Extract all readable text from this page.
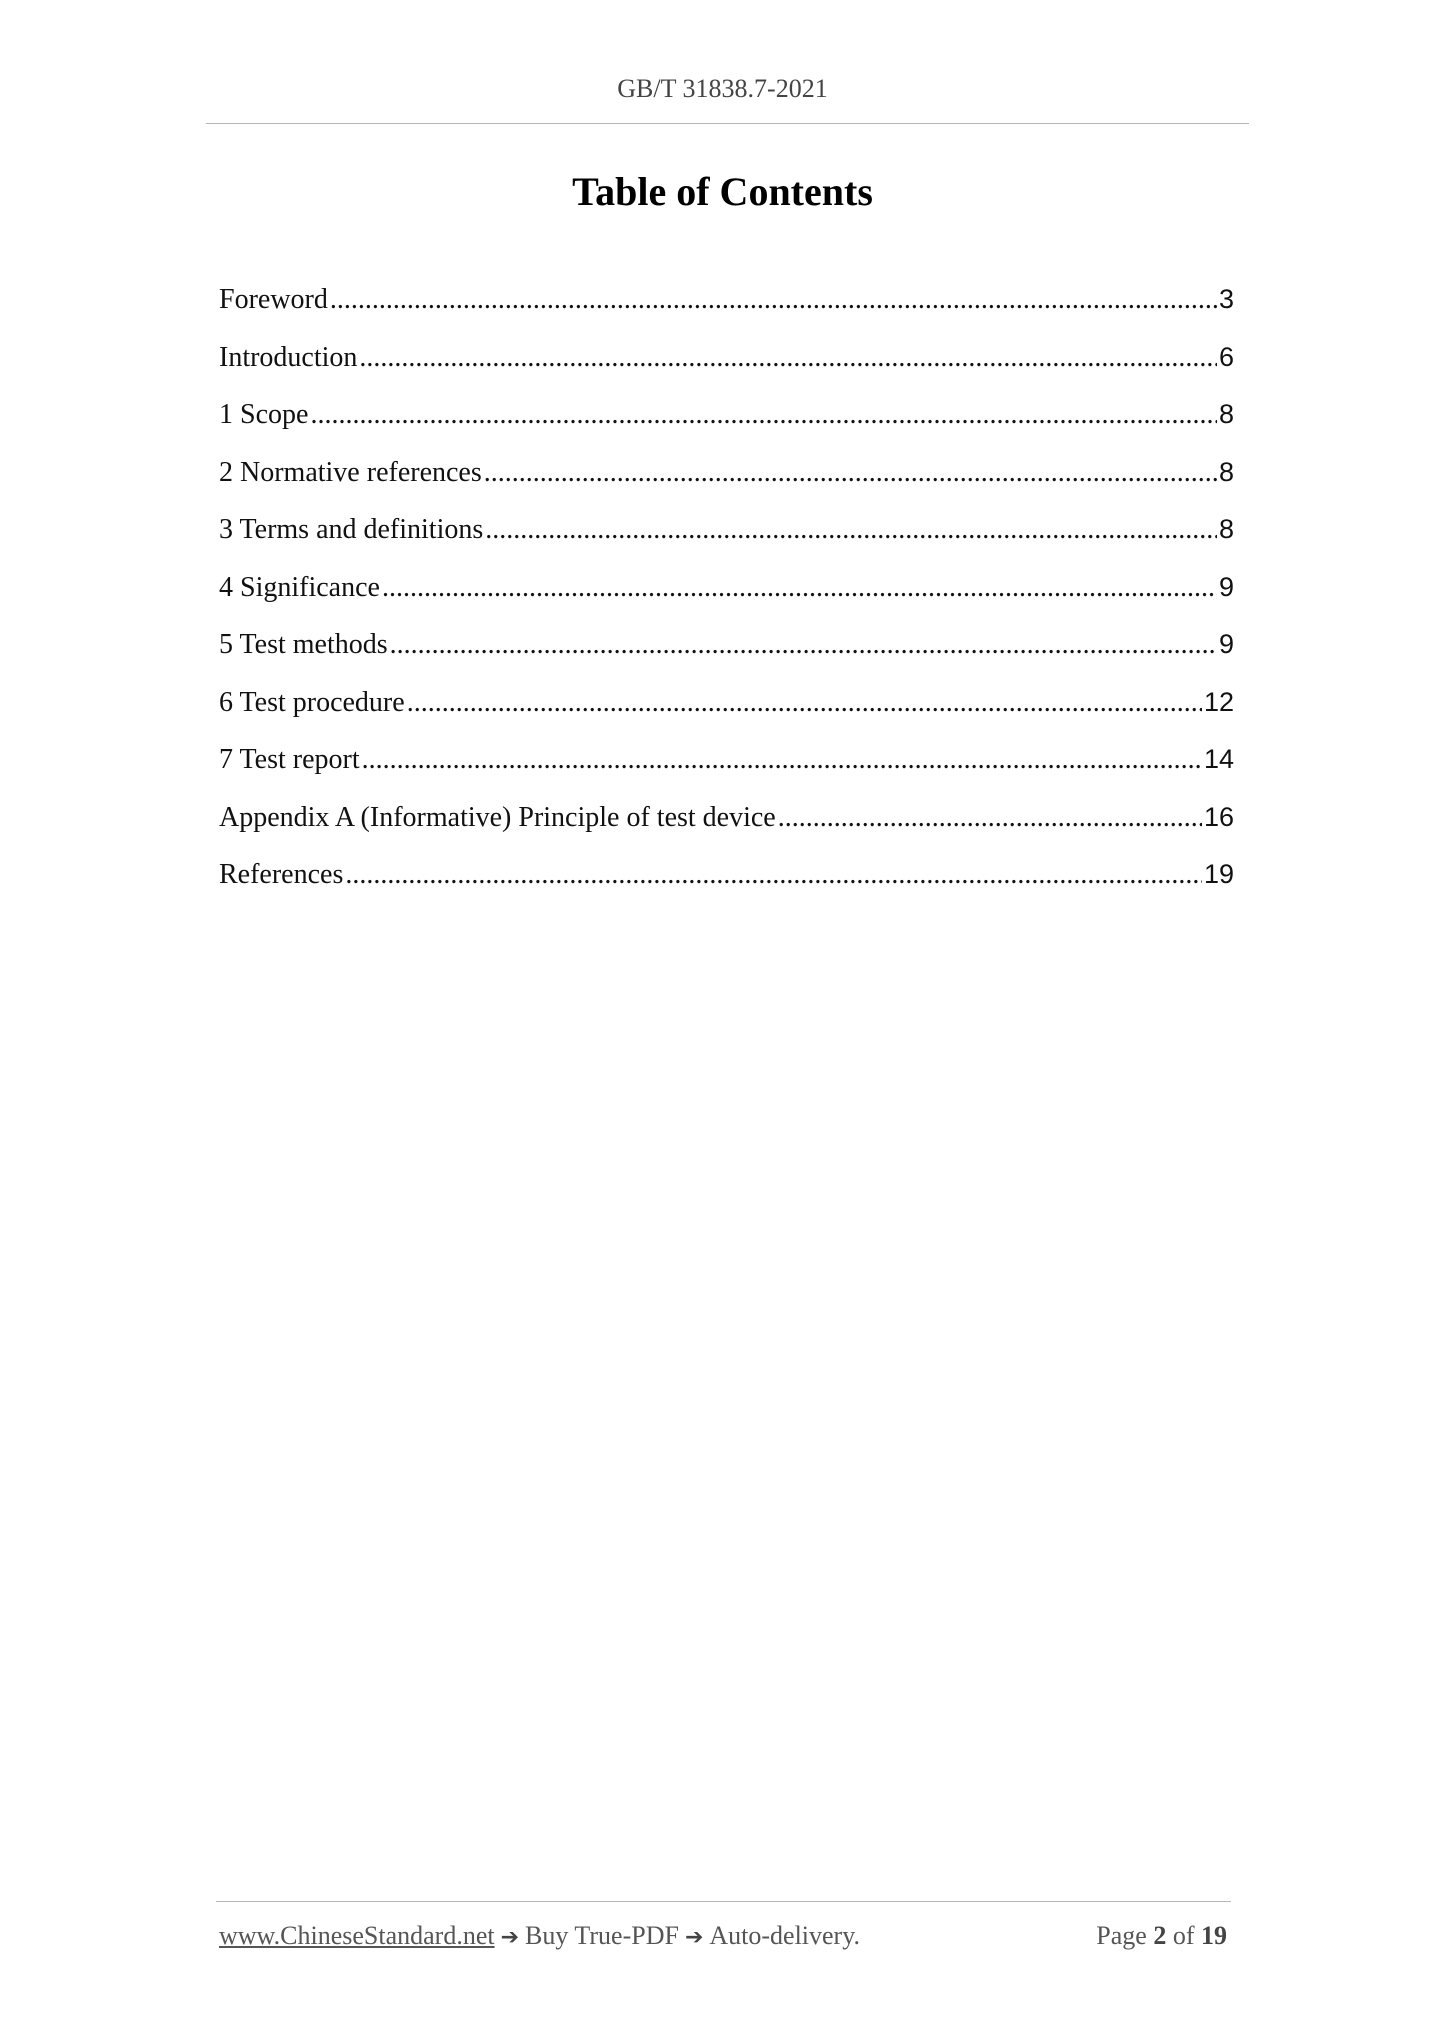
GB/T 31838.7-2021
Table of Contents
Foreword .....	3
Introduction .....	6
1 Scope .....	8
2 Normative references .....	8
3 Terms and definitions .....	8
4 Significance .....	9
5 Test methods .....	9
6 Test procedure .....	12
7 Test report .....	14
Appendix A (Informative) Principle of test device .....	16
References .....	19
www.ChineseStandard.net ➔ Buy True-PDF ➔ Auto-delivery.	Page 2 of 19
